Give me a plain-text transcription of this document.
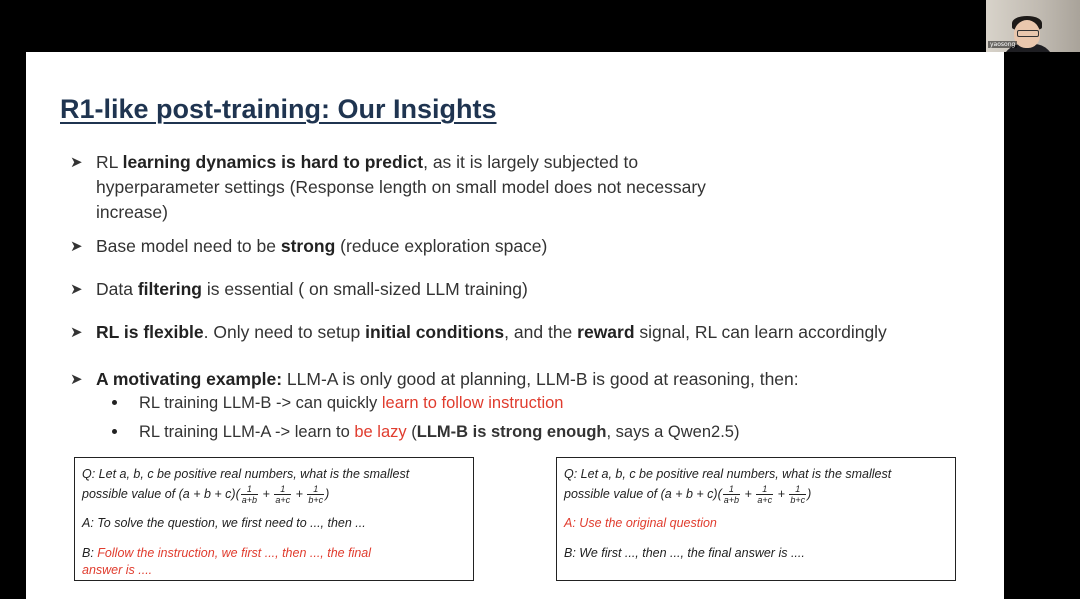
yaosong
R1-like post-training: Our Insights
➤ RL learning dynamics is hard to predict, as it is largely subjected to
hyperparameter settings (Response length on small model does not necessary
increase)
➤ Base model need to be strong (reduce exploration space)
➤ Data filtering is essential ( on small-sized LLM training)
➤ RL is flexible. Only need to setup initial conditions, and the reward signal, RL can learn accordingly
➤ A motivating example: LLM-A is only good at planning, LLM-B is good at reasoning, then:
RL training LLM-B -> can quickly learn to follow instruction
RL training LLM-A -> learn to be lazy (LLM-B is strong enough, says a Qwen2.5)
Q: Let a, b, c be positive real numbers, what is the smallest
possible value of $(a + b + c)( \frac{1}{a+b} + \frac{1}{a+c} + \frac{1}{b+c}$ )
A: To solve the question, we first need to ..., then ...
B: Follow the instruction, we first ..., then ..., the final
answer is ....
Q: Let a, b, c be positive real numbers, what is the smallest
possible value of $(a + b + c)( \frac{1}{a+b} + \frac{1}{a+c} + \frac{1}{b+c}$ )
A: Use the original question
B: We first ..., then ..., the final answer is ....
